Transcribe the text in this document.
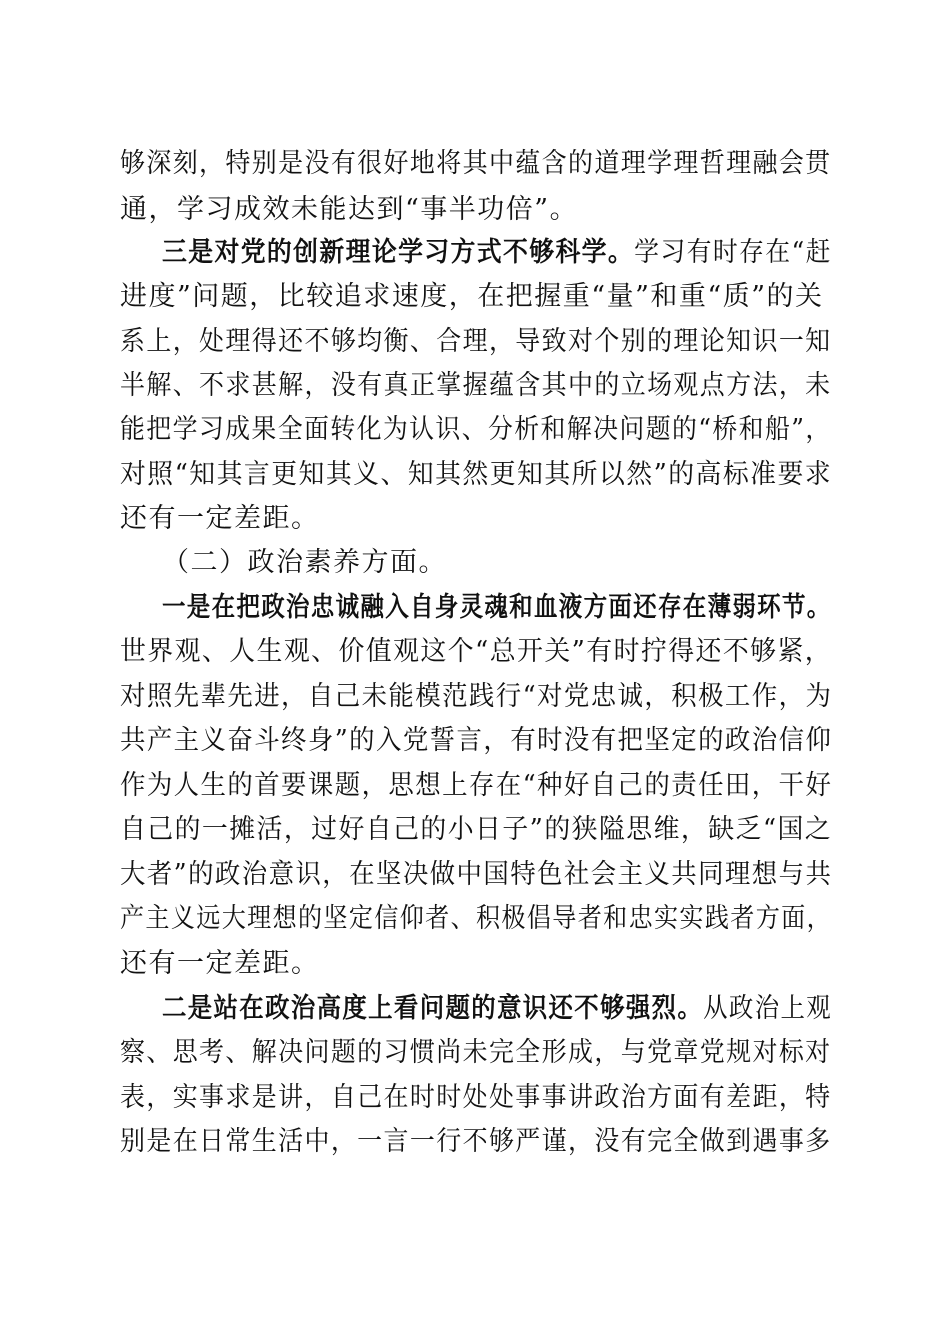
够深刻，特别是没有很好地将其中蕴含的道理学理哲理融会贯
通，学习成效未能达到“事半功倍”。
三是对党的创新理论学习方式不够科学。学习有时存在“赶
进度”问题，比较追求速度，在把握重“量”和重“质”的关
系上，处理得还不够均衡、合理，导致对个别的理论知识一知
半解、不求甚解，没有真正掌握蕴含其中的立场观点方法，未
能把学习成果全面转化为认识、分析和解决问题的“桥和船”，
对照“知其言更知其义、知其然更知其所以然”的高标准要求
还有一定差距。
（二）政治素养方面。
一是在把政治忠诚融入自身灵魂和血液方面还存在薄弱环节。
世界观、人生观、价值观这个“总开关”有时拧得还不够紧，
对照先辈先进，自己未能模范践行“对党忠诚，积极工作，为
共产主义奋斗终身”的入党誓言，有时没有把坚定的政治信仰
作为人生的首要课题，思想上存在“种好自己的责任田，干好
自己的一摊活，过好自己的小日子”的狭隘思维，缺乏“国之
大者”的政治意识，在坚决做中国特色社会主义共同理想与共
产主义远大理想的坚定信仰者、积极倡导者和忠实实践者方面，
还有一定差距。
二是站在政治高度上看问题的意识还不够强烈。从政治上观
察、思考、解决问题的习惯尚未完全形成，与党章党规对标对
表，实事求是讲，自己在时时处处事事讲政治方面有差距，特
别是在日常生活中，一言一行不够严谨，没有完全做到遇事多
